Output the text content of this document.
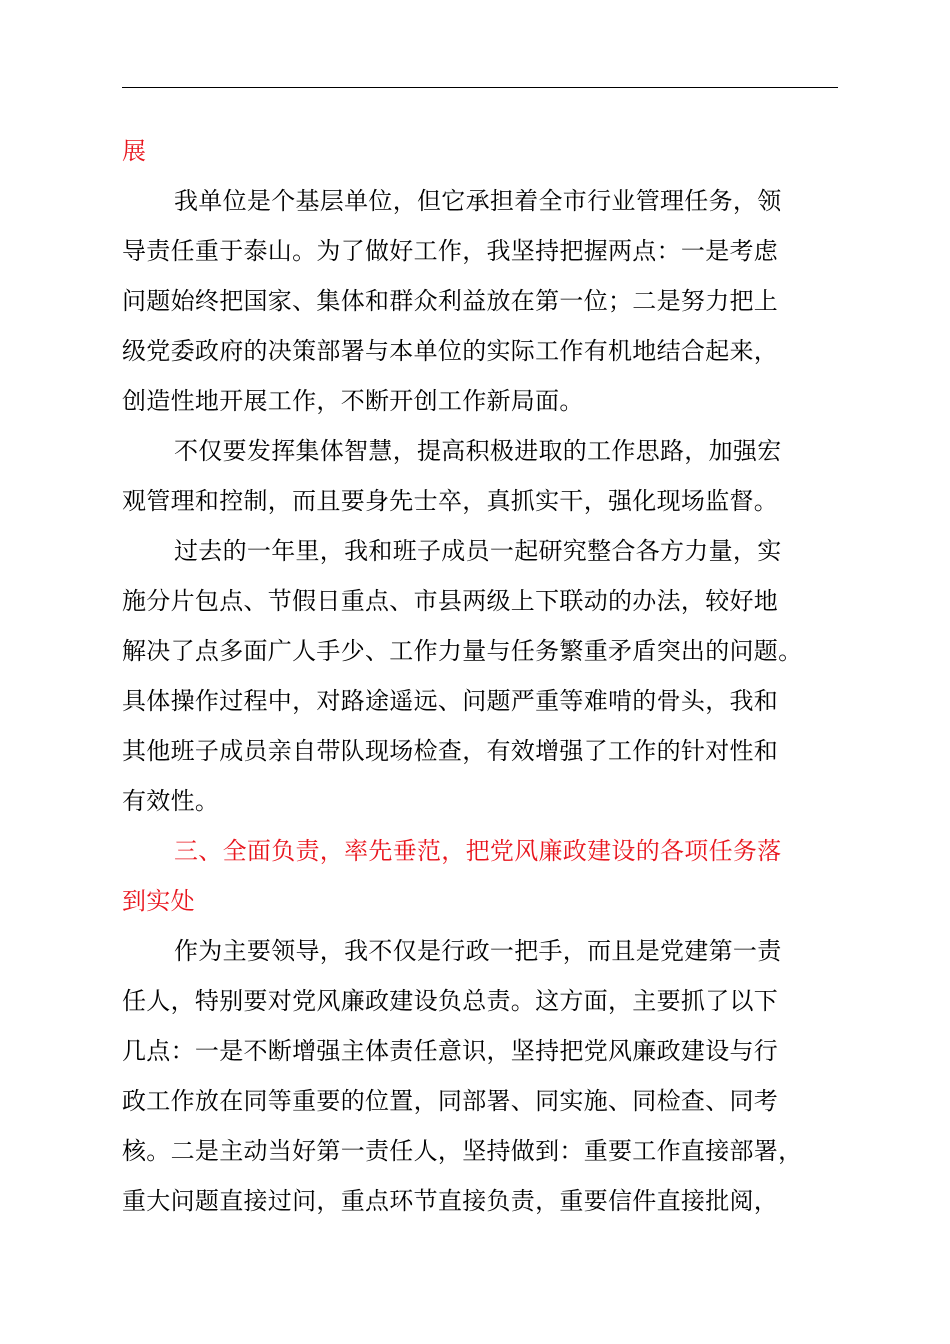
展
我单位是个基层单位，但它承担着全市行业管理任务，领
导责任重于泰山。为了做好工作，我坚持把握两点：一是考虑
问题始终把国家、集体和群众利益放在第一位；二是努力把上
级党委政府的决策部署与本单位的实际工作有机地结合起来，
创造性地开展工作，不断开创工作新局面。
不仅要发挥集体智慧，提高积极进取的工作思路，加强宏
观管理和控制，而且要身先士卒，真抓实干，强化现场监督。
过去的一年里，我和班子成员一起研究整合各方力量，实
施分片包点、节假日重点、市县两级上下联动的办法，较好地
解决了点多面广人手少、工作力量与任务繁重矛盾突出的问题。
具体操作过程中，对路途遥远、问题严重等难啃的骨头，我和
其他班子成员亲自带队现场检查，有效增强了工作的针对性和
有效性。
三、全面负责，率先垂范，把党风廉政建设的各项任务落
到实处
作为主要领导，我不仅是行政一把手，而且是党建第一责
任人，特别要对党风廉政建设负总责。这方面，主要抓了以下
几点：一是不断增强主体责任意识，坚持把党风廉政建设与行
政工作放在同等重要的位置，同部署、同实施、同检查、同考
核。二是主动当好第一责任人，坚持做到：重要工作直接部署，
重大问题直接过问，重点环节直接负责，重要信件直接批阅，
